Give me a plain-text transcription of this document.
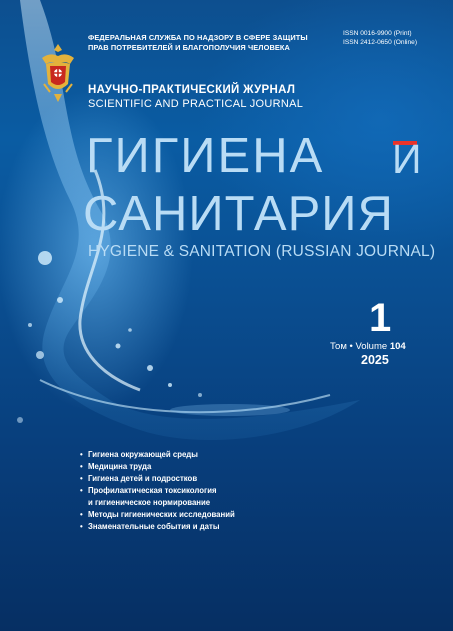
ФЕДЕРАЛЬНАЯ СЛУЖБА ПО НАДЗОРУ В СФЕРЕ ЗАЩИТЫ
ПРАВ ПОТРЕБИТЕЛЕЙ И БЛАГОПОЛУЧИЯ ЧЕЛОВЕКА
ISSN 0016-9900 (Print)
ISSN 2412-0650 (Online)
НАУЧНО-ПРАКТИЧЕСКИЙ ЖУРНАЛ
SCIENTIFIC AND PRACTICAL JOURNAL
ГИГИЕНА И
САНИТАРИЯ
HYGIENE & SANITATION (RUSSIAN JOURNAL)
1
Том • Volume 104
2025
• Гигиена окружающей среды
• Медицина труда
• Гигиена детей и подростков
• Профилактическая токсикология
и гигиеническое нормирование
• Методы гигиенических исследований
• Знаменательные события и даты
